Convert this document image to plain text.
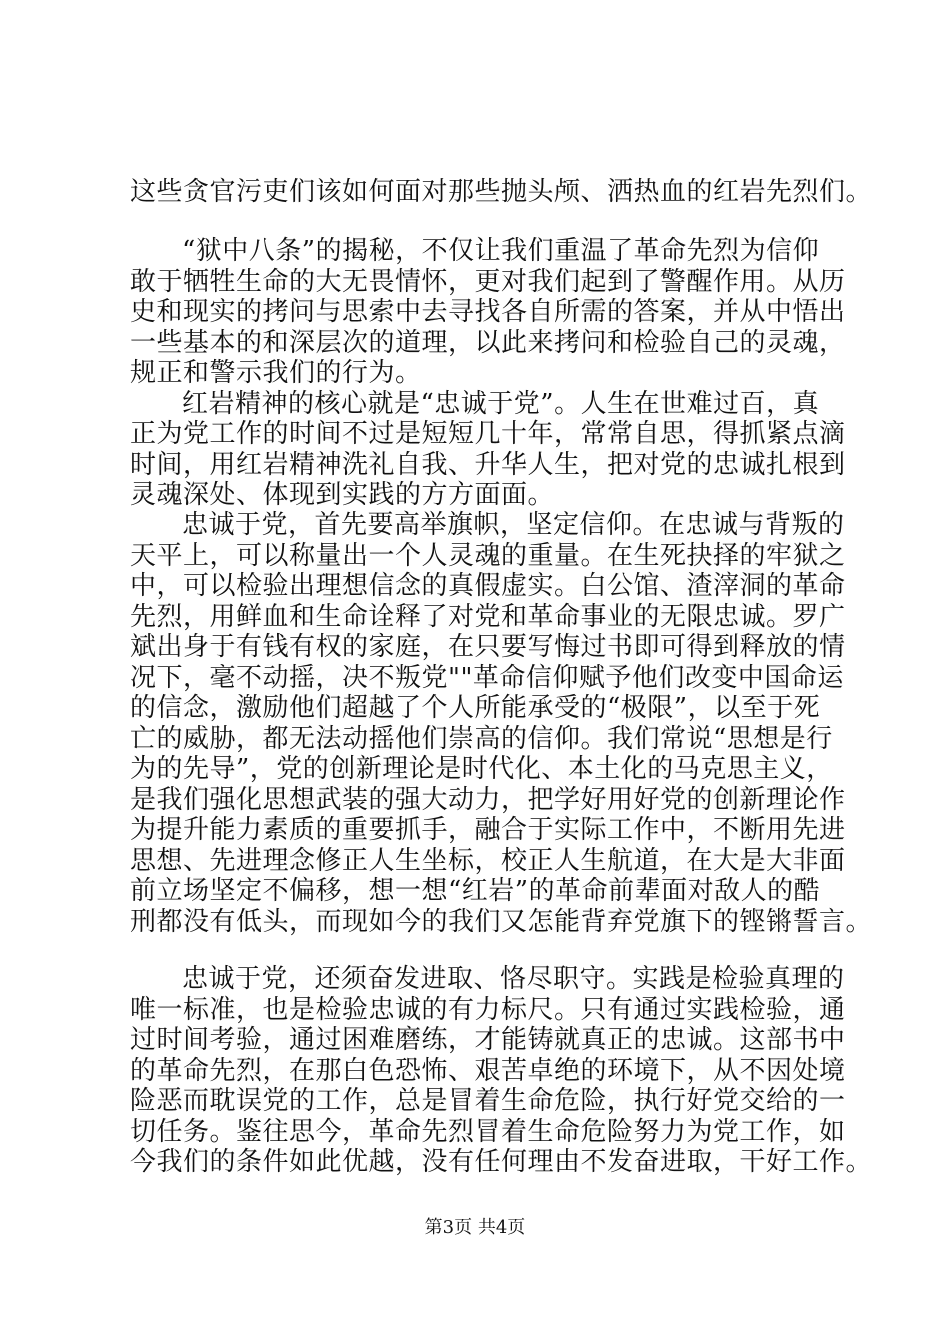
这些贪官污吏们该如何面对那些抛头颅、洒热血的红岩先烈们。
“狱中八条”的揭秘，不仅让我们重温了革命先烈为信仰
敢于牺牲生命的大无畏情怀，更对我们起到了警醒作用。从历
史和现实的拷问与思索中去寻找各自所需的答案，并从中悟出
一些基本的和深层次的道理，以此来拷问和检验自己的灵魂，
规正和警示我们的行为。
红岩精神的核心就是“忠诚于党”。人生在世难过百，真
正为党工作的时间不过是短短几十年，常常自思，得抓紧点滴
时间，用红岩精神洗礼自我、升华人生，把对党的忠诚扎根到
灵魂深处、体现到实践的方方面面。
忠诚于党，首先要高举旗帜，坚定信仰。在忠诚与背叛的
天平上，可以称量出一个人灵魂的重量。在生死抉择的牢狱之
中，可以检验出理想信念的真假虚实。白公馆、渣滓洞的革命
先烈，用鲜血和生命诠释了对党和革命事业的无限忠诚。罗广
斌出身于有钱有权的家庭，在只要写悔过书即可得到释放的情
况下，毫不动摇，决不叛党""革命信仰赋予他们改变中国命运
的信念，激励他们超越了个人所能承受的“极限”，以至于死
亡的威胁，都无法动摇他们崇高的信仰。我们常说“思想是行
为的先导”，党的创新理论是时代化、本土化的马克思主义，
是我们强化思想武装的强大动力，把学好用好党的创新理论作
为提升能力素质的重要抓手，融合于实际工作中，不断用先进
思想、先进理念修正人生坐标，校正人生航道，在大是大非面
前立场坚定不偏移，想一想“红岩”的革命前辈面对敌人的酷
刑都没有低头，而现如今的我们又怎能背弃党旗下的铿锵誓言。
忠诚于党，还须奋发进取、恪尽职守。实践是检验真理的
唯一标准，也是检验忠诚的有力标尺。只有通过实践检验，通
过时间考验，通过困难磨练，才能铸就真正的忠诚。这部书中
的革命先烈，在那白色恐怖、艰苦卓绝的环境下，从不因处境
险恶而耽误党的工作，总是冒着生命危险，执行好党交给的一
切任务。鉴往思今，革命先烈冒着生命危险努力为党工作，如
今我们的条件如此优越，没有任何理由不发奋进取，干好工作。
第3页 共4页
